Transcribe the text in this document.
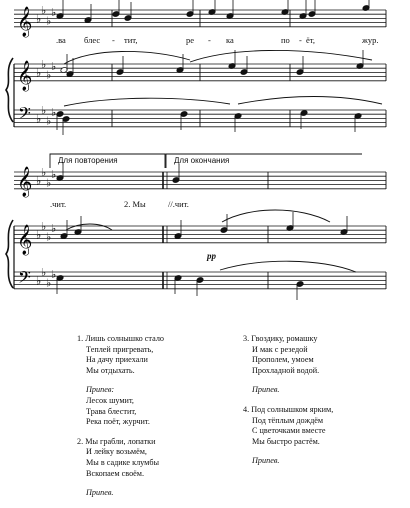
♭
♭
♭
♭
♭
♭
♭
♭
♭
♭
♭
♭
♭
♭
♭
♭
♭
♭
♭
♭
♭
♭
♭
♭
𝄞
𝄞
𝄢
𝄞
𝄞
𝄢
.ва блес - тит,	ре - ка	по - ёт,	жур.
Для повторения	Для окончания
.чит.	2. Мы	//.чит.
pp
1. Лишь солнышко стало
Теплей пригревать,
На дачу приехали
Мы отдыхать.
Припев:
Лесок шумит,
Трава блестит,
Река поёт, журчит.
2. Мы грабли, лопатки
И лейку возьмём,
Мы в садике клумбы
Вскопаем своём.
Припев.
3. Гвоздику, ромашку
И мак с резедой
Прополем, умоем
Прохладной водой.
Припев.
4. Под солнышком ярким,
Под тёплым дождём
С цветочками вместе
Мы быстро растём.
Припев.
